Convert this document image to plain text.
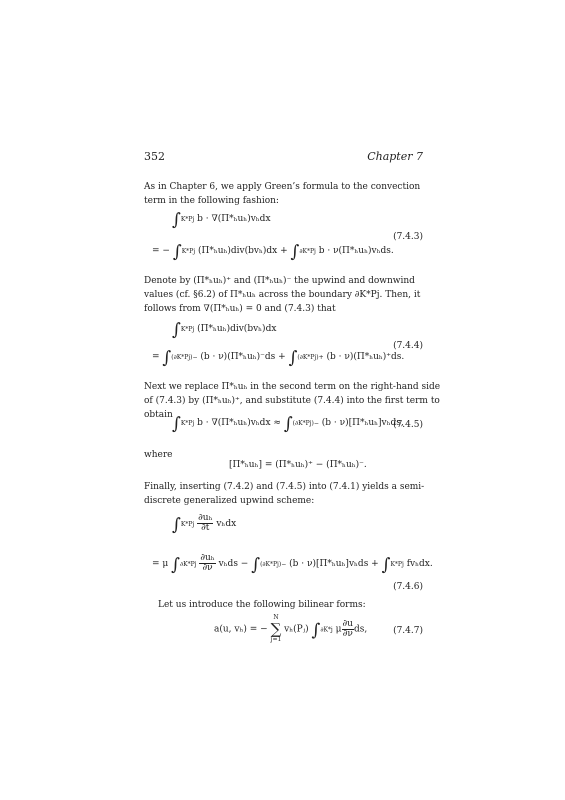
352	Chapter 7

As in Chapter 6, we apply Green’s formula to the convection term in the following fashion:

∫K*Pj b · ∇(Π*ₕuₕ)vₕdx
= − ∫K*Pj (Π*ₕuₕ)div(bvₕ)dx + ∫∂K*Pj b · ν(Π*ₕuₕ)vₕds.
(7.4.3)

Denote by (Π*ₕuₕ)⁺ and (Π*ₕuₕ)⁻ the upwind and downwind values (cf. §6.2) of Π*ₕuₕ across the boundary ∂K*Pj. Then, it follows from ∇(Π*ₕuₕ) = 0 and (7.4.3) that

∫K*Pj (Π*ₕuₕ)div(bvₕ)dx
= ∫(∂K*Pj)− (b · ν)(Π*ₕuₕ)⁻ds + ∫(∂K*Pj)+ (b · ν)(Π*ₕuₕ)⁺ds.
(7.4.4)

Next we replace Π*ₕuₕ in the second term on the right-hand side of (7.4.3) by (Π*ₕuₕ)⁺, and substitute (7.4.4) into the first term to obtain ∫K*Pj b · ∇(Π*ₕuₕ)vₕdx ≈ ∫(∂K*Pj)− (b · ν)[Π*ₕuₕ]vₕds,
(7.4.5)
where
[Π*ₕuₕ] = (Π*ₕuₕ)⁺ − (Π*ₕuₕ)⁻.

Finally, inserting (7.4.2) and (7.4.5) into (7.4.1) yields a semi-discrete generalized upwind scheme:

$\int K*Pj \frac{\text{∂uₕ}}{\partial t}$ vₕdx
= μ $\int\partial K*Pj \frac{\text{∂uₕ}}{\partial\nu}$ vₕds − ∫(∂K*Pj)− (b · ν)[Π*ₕuₕ]vₕds + ∫K*Pj fvₕdx.
(7.4.6)

Let us introduce the following bilinear forms:

a(u, vₕ) = −
N
∑
j=1
vₕ(Pⱼ) ∫∂K*j μ $\frac{\partial u}{\partial\nu}$ ds,	(7.4.7)
